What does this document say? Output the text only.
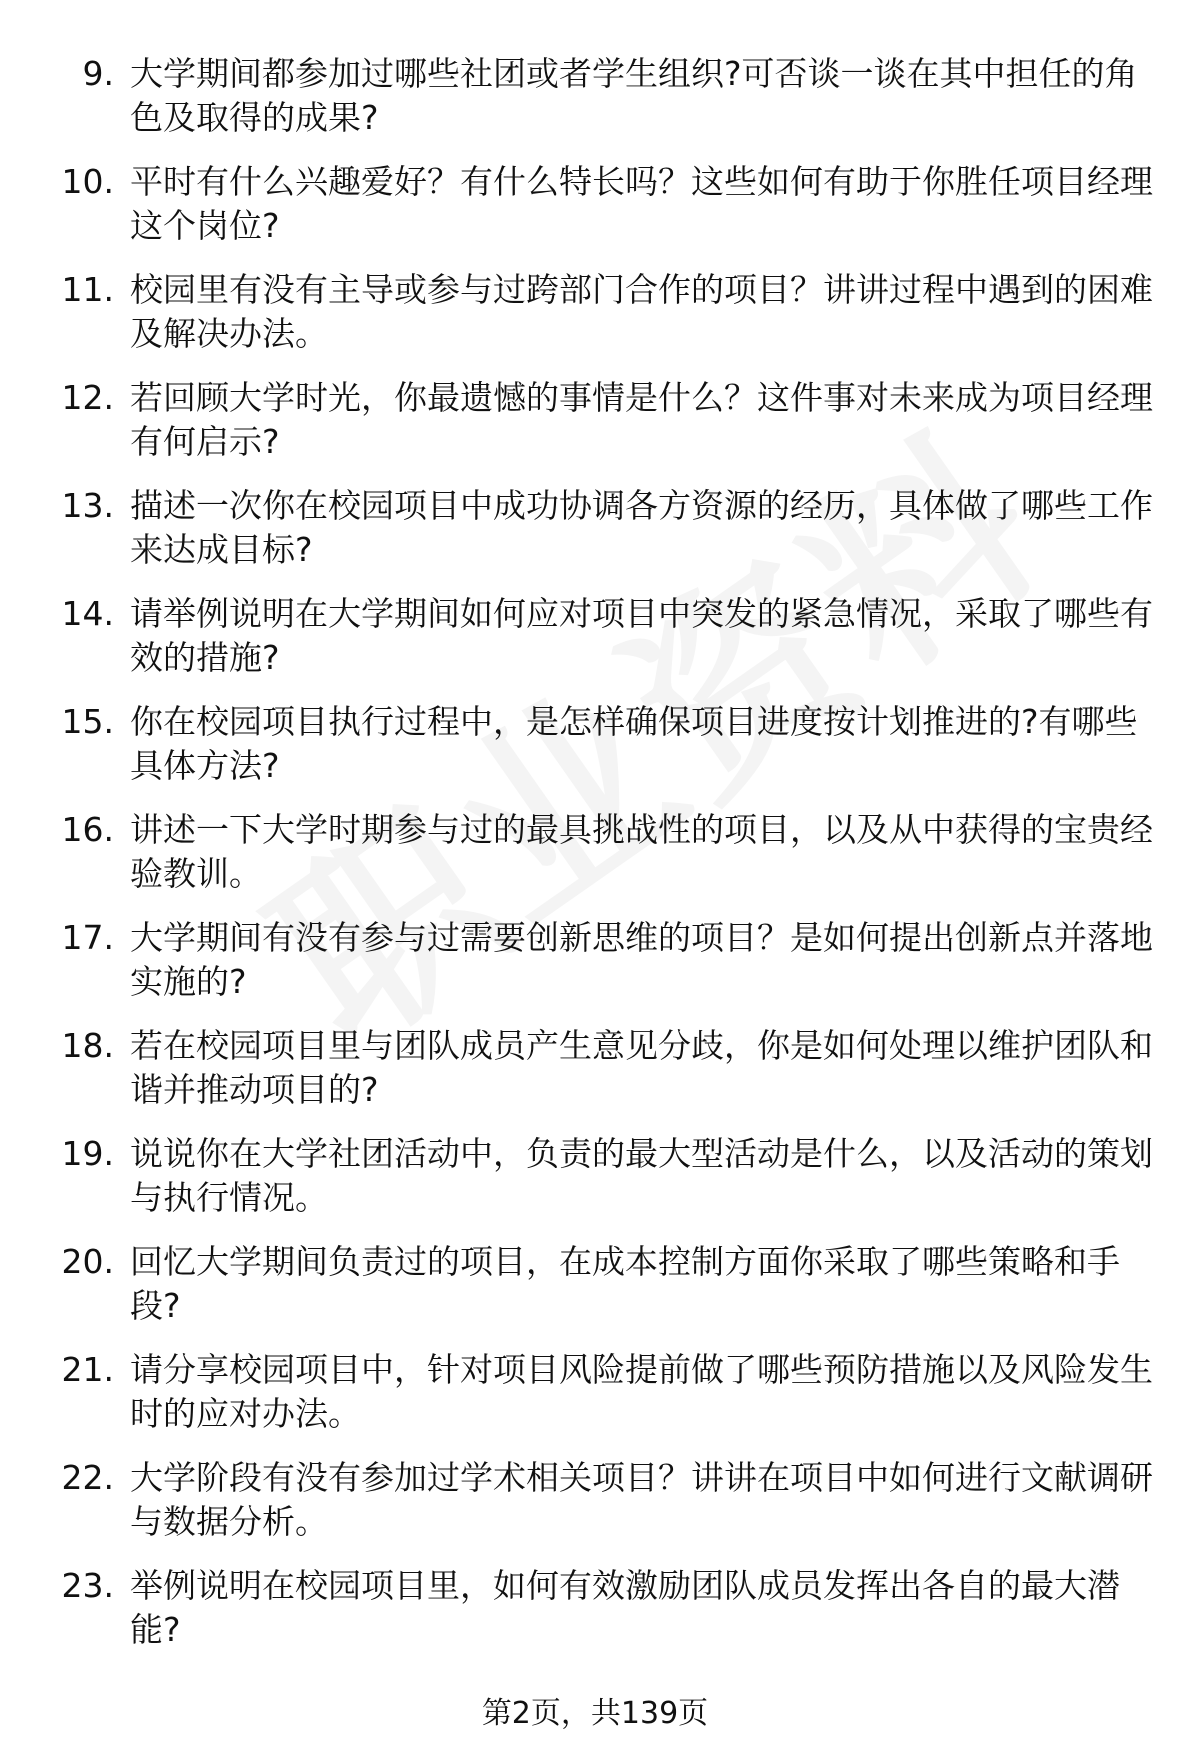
9. 大学期间都参加过哪些社团或者学生组织?可否谈一谈在其中担任的角色及取得的成果?

10. 平时有什么兴趣爱好？有什么特长吗？这些如何有助于你胜任项目经理这个岗位?

11. 校园里有没有主导或参与过跨部门合作的项目？讲讲过程中遇到的困难及解决办法。

12. 若回顾大学时光，你最遗憾的事情是什么？这件事对未来成为项目经理有何启示?

13. 描述一次你在校园项目中成功协调各方资源的经历，具体做了哪些工作来达成目标?

14. 请举例说明在大学期间如何应对项目中突发的紧急情况，采取了哪些有效的措施?

15. 你在校园项目执行过程中，是怎样确保项目进度按计划推进的?有哪些具体方法?

16. 讲述一下大学时期参与过的最具挑战性的项目，以及从中获得的宝贵经验教训。

17. 大学期间有没有参与过需要创新思维的项目？是如何提出创新点并落地实施的?

18. 若在校园项目里与团队成员产生意见分歧，你是如何处理以维护团队和谐并推动项目的?

19. 说说你在大学社团活动中，负责的最大型活动是什么，以及活动的策划与执行情况。

20. 回忆大学期间负责过的项目，在成本控制方面你采取了哪些策略和手段?

21. 请分享校园项目中，针对项目风险提前做了哪些预防措施以及风险发生时的应对办法。

22. 大学阶段有没有参加过学术相关项目？讲讲在项目中如何进行文献调研与数据分析。

23. 举例说明在校园项目里，如何有效激励团队成员发挥出各自的最大潜能?

第2页，共139页
